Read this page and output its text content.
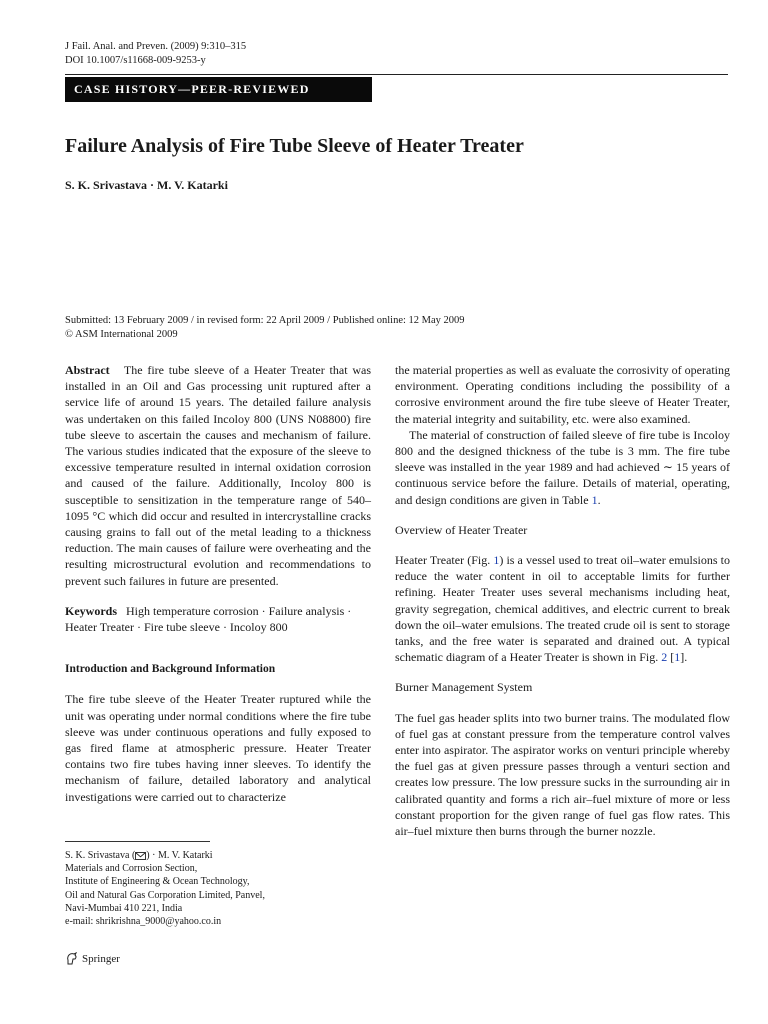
J Fail. Anal. and Preven. (2009) 9:310–315
DOI 10.1007/s11668-009-9253-y
CASE HISTORY—PEER-REVIEWED
Failure Analysis of Fire Tube Sleeve of Heater Treater
S. K. Srivastava · M. V. Katarki
Submitted: 13 February 2009 / in revised form: 22 April 2009 / Published online: 12 May 2009
© ASM International 2009

Abstract The fire tube sleeve of a Heater Treater that was installed in an Oil and Gas processing unit ruptured after a service life of around 15 years. The detailed failure analysis was undertaken on this failed Incoloy 800 (UNS N08800) fire tube sleeve to ascertain the causes and mechanism of failure. The various studies indicated that the exposure of the sleeve to excessive temperature resulted in internal oxidation corrosion and caused of the failure. Additionally, Incoloy 800 is susceptible to sensitization in the temperature range of 540–1095 °C which did occur and resulted in intercrystalline cracks causing grains to fall out of the metal leading to a thickness reduction. The main causes of failure were overheating and the resulting microstructural evolution and recommendations to prevent such failures in future are presented.

Keywords High temperature corrosion · Failure analysis · Heater Treater · Fire tube sleeve · Incoloy 800

Introduction and Background Information

The fire tube sleeve of the Heater Treater ruptured while the unit was operating under normal conditions where the fire tube sleeve was under continuous operations and fully exposed to gas fired flame at atmospheric pressure. Heater Treater contains two fire tubes having inner sleeves. To identify the mechanism of failure, detailed laboratory and analytical investigations were carried out to characterize

S. K. Srivastava ( ) · M. V. Katarki
Materials and Corrosion Section,
Institute of Engineering & Ocean Technology,
Oil and Natural Gas Corporation Limited, Panvel,
Navi-Mumbai 410 221, India
e-mail: shrikrishna_9000@yahoo.co.in
Springer

the material properties as well as evaluate the corrosivity of operating environment. Operating conditions including the possibility of a corrosive environment around the fire tube sleeve of Heater Treater, the material integrity and suitability, etc. were also examined.

The material of construction of failed sleeve of fire tube is Incoloy 800 and the designed thickness of the tube is 3 mm. The fire tube sleeve was installed in the year 1989 and had achieved ∼ 15 years of continuous service before the failure. Details of material, operating, and design conditions are given in Table 1.

Overview of Heater Treater

Heater Treater (Fig. 1) is a vessel used to treat oil–water emulsions to reduce the water content in oil to acceptable limits for further refining. Heater Treater uses several mechanisms including heat, gravity segregation, chemical additives, and electric current to break down the oil–water emulsions. The treated crude oil is sent to storage tanks, and the free water is separated and drained out. A typical schematic diagram of a Heater Treater is shown in Fig. 2 [1].

Burner Management System

The fuel gas header splits into two burner trains. The modulated flow of fuel gas at constant pressure from the temperature control valves enter into aspirator. The aspirator works on venturi principle whereby the fuel gas at given pressure passes through a venturi section and creates low pressure. The low pressure sucks in the surrounding air in calibrated quantity and forms a rich air–fuel mixture of more or less constant proportion for the given range of fuel gas flow rates. This air–fuel mixture then burns through the burner nozzle.
